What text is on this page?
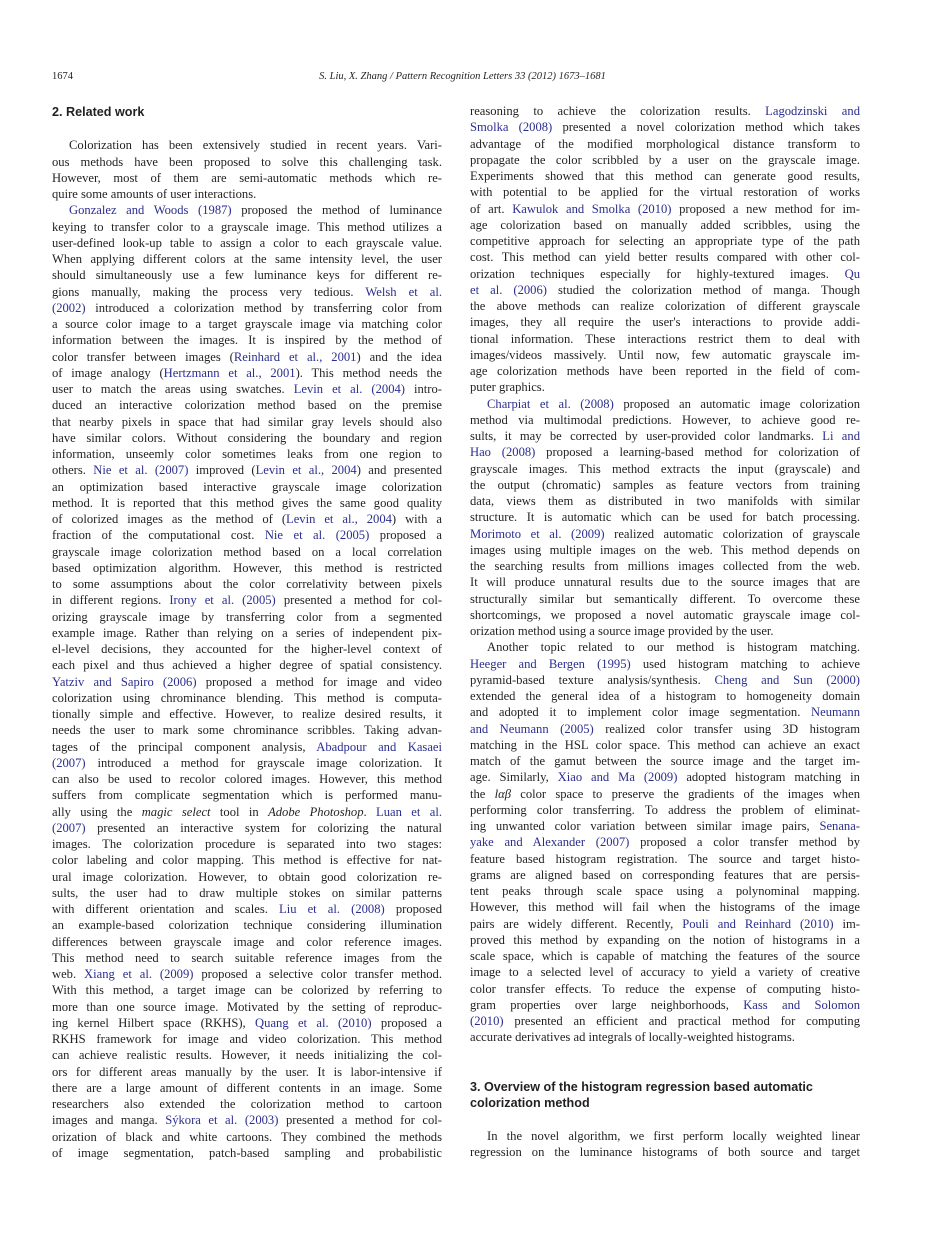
1674	S. Liu, X. Zhang / Pattern Recognition Letters 33 (2012) 1673–1681
2. Related work
Colorization has been extensively studied in recent years. Vari-
ous methods have been proposed to solve this challenging task.
However, most of them are semi-automatic methods which re-
quire some amounts of user interactions.
Gonzalez and Woods (1987) proposed the method of luminance
keying to transfer color to a grayscale image. This method utilizes a
user-defined look-up table to assign a color to each grayscale value.
When applying different colors at the same intensity level, the user
should simultaneously use a few luminance keys for different re-
gions manually, making the process very tedious. Welsh et al.
(2002) introduced a colorization method by transferring color from
a source color image to a target grayscale image via matching color
information between the images. It is inspired by the method of
color transfer between images (Reinhard et al., 2001) and the idea
of image analogy (Hertzmann et al., 2001). This method needs the
user to match the areas using swatches. Levin et al. (2004) intro-
duced an interactive colorization method based on the premise
that nearby pixels in space that had similar gray levels should also
have similar colors. Without considering the boundary and region
information, unseemly color sometimes leaks from one region to
others. Nie et al. (2007) improved (Levin et al., 2004) and presented
an optimization based interactive grayscale image colorization
method. It is reported that this method gives the same good quality
of colorized images as the method of (Levin et al., 2004) with a
fraction of the computational cost. Nie et al. (2005) proposed a
grayscale image colorization method based on a local correlation
based optimization algorithm. However, this method is restricted
to some assumptions about the color correlativity between pixels
in different regions. Irony et al. (2005) presented a method for col-
orizing grayscale image by transferring color from a segmented
example image. Rather than relying on a series of independent pix-
el-level decisions, they accounted for the higher-level context of
each pixel and thus achieved a higher degree of spatial consistency.
Yatziv and Sapiro (2006) proposed a method for image and video
colorization using chrominance blending. This method is computa-
tionally simple and effective. However, to realize desired results, it
needs the user to mark some chrominance scribbles. Taking advan-
tages of the principal component analysis, Abadpour and Kasaei
(2007) introduced a method for grayscale image colorization. It
can also be used to recolor colored images. However, this method
suffers from complicate segmentation which is performed manu-
ally using the magic select tool in Adobe Photoshop. Luan et al.
(2007) presented an interactive system for colorizing the natural
images. The colorization procedure is separated into two stages:
color labeling and color mapping. This method is effective for nat-
ural image colorization. However, to obtain good colorization re-
sults, the user had to draw multiple stokes on similar patterns
with different orientation and scales. Liu et al. (2008) proposed
an example-based colorization technique considering illumination
differences between grayscale image and color reference images.
This method need to search suitable reference images from the
web. Xiang et al. (2009) proposed a selective color transfer method.
With this method, a target image can be colorized by referring to
more than one source image. Motivated by the setting of reproduc-
ing kernel Hilbert space (RKHS), Quang et al. (2010) proposed a
RKHS framework for image and video colorization. This method
can achieve realistic results. However, it needs initializing the col-
ors for different areas manually by the user. It is labor-intensive if
there are a large amount of different contents in an image. Some
researchers also extended the colorization method to cartoon
images and manga. Sýkora et al. (2003) presented a method for col-
orization of black and white cartoons. They combined the methods
of image segmentation, patch-based sampling and probabilistic
reasoning to achieve the colorization results. Lagodzinski and
Smolka (2008) presented a novel colorization method which takes
advantage of the modified morphological distance transform to
propagate the color scribbled by a user on the grayscale image.
Experiments showed that this method can generate good results,
with potential to be applied for the virtual restoration of works
of art. Kawulok and Smolka (2010) proposed a new method for im-
age colorization based on manually added scribbles, using the
competitive approach for selecting an appropriate type of the path
cost. This method can yield better results compared with other col-
orization techniques especially for highly-textured images. Qu
et al. (2006) studied the colorization method of manga. Though
the above methods can realize colorization of different grayscale
images, they all require the user's interactions to provide addi-
tional information. These interactions restrict them to deal with
images/videos massively. Until now, few automatic grayscale im-
age colorization methods have been reported in the field of com-
puter graphics.
Charpiat et al. (2008) proposed an automatic image colorization
method via multimodal predictions. However, to achieve good re-
sults, it may be corrected by user-provided color landmarks. Li and
Hao (2008) proposed a learning-based method for colorization of
grayscale images. This method extracts the input (grayscale) and
the output (chromatic) samples as feature vectors from training
data, views them as distributed in two manifolds with similar
structure. It is automatic which can be used for batch processing.
Morimoto et al. (2009) realized automatic colorization of grayscale
images using multiple images on the web. This method depends on
the searching results from millions images collected from the web.
It will produce unnatural results due to the source images that are
structurally similar but semantically different. To overcome these
shortcomings, we proposed a novel automatic grayscale image col-
orization method using a source image provided by the user.
Another topic related to our method is histogram matching.
Heeger and Bergen (1995) used histogram matching to achieve
pyramid-based texture analysis/synthesis. Cheng and Sun (2000)
extended the general idea of a histogram to homogeneity domain
and adopted it to implement color image segmentation. Neumann
and Neumann (2005) realized color transfer using 3D histogram
matching in the HSL color space. This method can achieve an exact
match of the gamut between the source image and the target im-
age. Similarly, Xiao and Ma (2009) adopted histogram matching in
the lαβ color space to preserve the gradients of the images when
performing color transferring. To address the problem of eliminat-
ing unwanted color variation between similar image pairs, Senana-
yake and Alexander (2007) proposed a color transfer method by
feature based histogram registration. The source and target histo-
grams are aligned based on corresponding features that are persis-
tent peaks through scale space using a polynominal mapping.
However, this method will fail when the histograms of the image
pairs are widely different. Recently, Pouli and Reinhard (2010) im-
proved this method by expanding on the notion of histograms in a
scale space, which is capable of matching the features of the source
image to a selected level of accuracy to yield a variety of creative
color transfer effects. To reduce the expense of computing histo-
gram properties over large neighborhoods, Kass and Solomon
(2010) presented an efficient and practical method for computing
accurate derivatives ad integrals of locally-weighted histograms.
3. Overview of the histogram regression based automatic
colorization method
In the novel algorithm, we first perform locally weighted linear
regression on the luminance histograms of both source and target
